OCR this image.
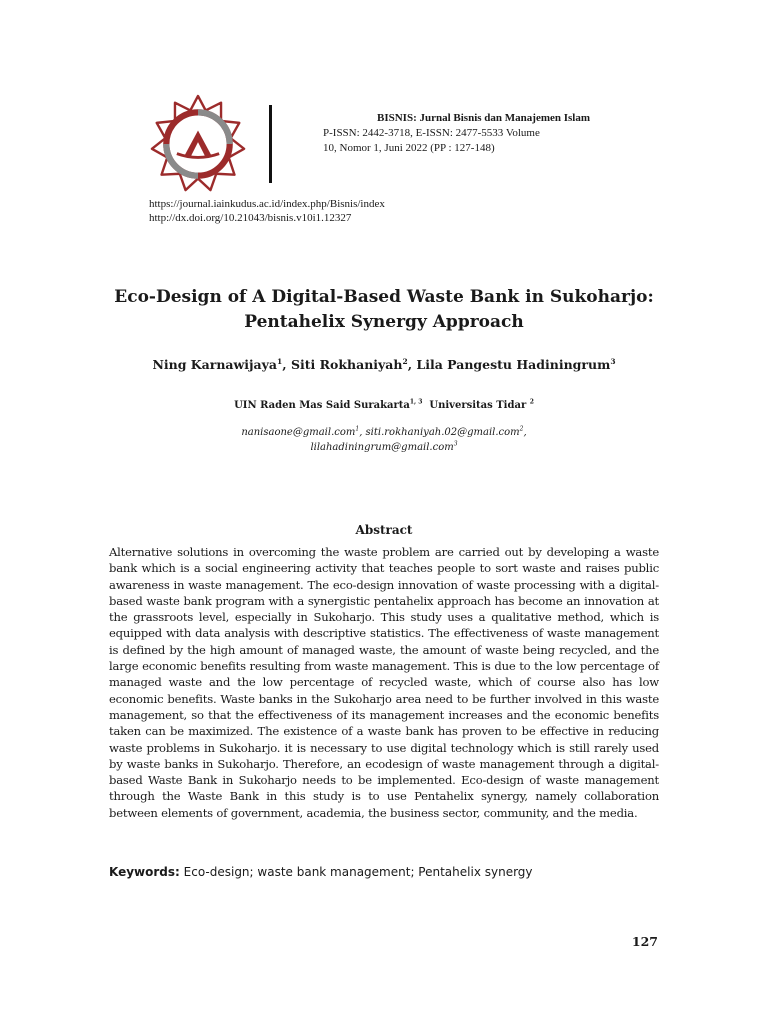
BISNIS: Jurnal Bisnis dan Manajemen Islam
P-ISSN: 2442-3718, E-ISSN: 2477-5533 Volume
10, Nomor 1, Juni 2022 (PP : 127-148)
https://journal.iainkudus.ac.id/index.php/Bisnis/index
http://dx.doi.org/10.21043/bisnis.v10i1.12327
Eco-Design of A Digital-Based Waste Bank in Sukoharjo:
Pentahelix Synergy Approach
Ning Karnawijaya$^1$, Siti Rokhaniyah$^2$, Lila Pangestu Hadiningrum$^3$
UIN Raden Mas Said Surakarta$^{1, 3}$ Universitas Tidar $^2$
nanisaone@gmail.com$^1$, siti.rokhaniyah.02@gmail.com$^2$,
lilahadiningrum@gmail.com$^3$
Abstract

Alternative solutions in overcoming the waste problem are carried out by developing a waste bank which is a social engineering activity that teaches people to sort waste and raises public awareness in waste management. The eco-design innovation of waste processing with a digital-based waste bank program with a synergistic pentahelix approach has become an innovation at the grassroots level, especially in Sukoharjo. This study uses a qualitative method, which is equipped with data analysis with descriptive statistics. The effectiveness of waste management is defined by the high amount of managed waste, the amount of waste being recycled, and the large economic benefits resulting from waste management. This is due to the low percentage of managed waste and the low percentage of recycled waste, which of course also has low economic benefits. Waste banks in the Sukoharjo area need to be further involved in this waste management, so that the effectiveness of its management increases and the economic benefits taken can be maximized. The existence of a waste bank has proven to be effective in reducing waste problems in Sukoharjo. it is necessary to use digital technology which is still rarely used by waste banks in Sukoharjo. Therefore, an ecodesign of waste management through a digital-based Waste Bank in Sukoharjo needs to be implemented. Eco-design of waste management through the Waste Bank in this study is to use Pentahelix synergy, namely collaboration between elements of government, academia, the business sector, community, and the media.

Keywords: Eco-design; waste bank management; Pentahelix synergy
127
